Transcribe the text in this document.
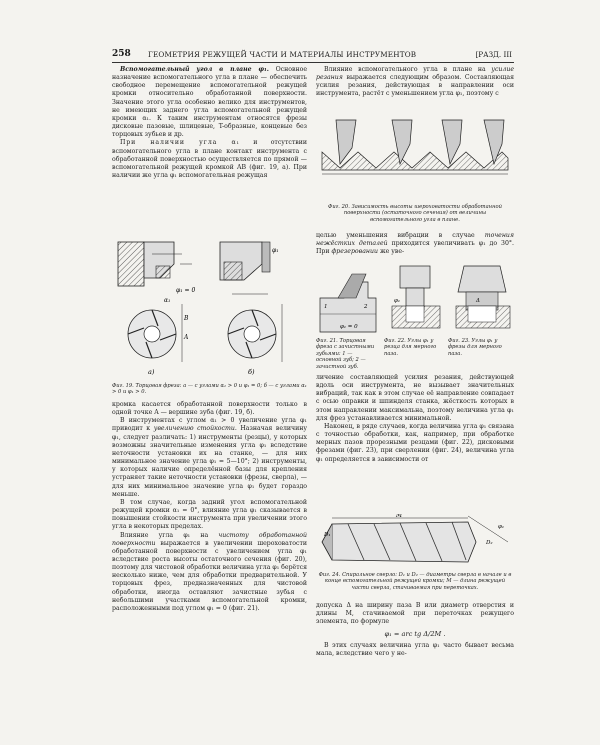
258 ГЕОМЕТРИЯ РЕЖУЩЕЙ ЧАСТИ И МАТЕРИАЛЫ ИНСТРУМЕНТОВ	[РАЗД. III

Вспомогательный угол в плане φ₁. Основное назначение вспомогательного угла в плане — обеспечить свободное перемещение вспомогательной режущей кромки относительно обработанной поверхности. Значение этого угла особенно велико для инструментов, не имеющих заднего угла вспомогательной режущей кромки α₁. К таким инструментам относятся фрезы дисковые пазовые, шлицевые, T-образные, концевые без торцовых зубьев и др.

При наличии угла α₁ и отсутствии вспомогательного угла в плане контакт инструмента с обработанной поверхностью осуществляется по прямой — вспомогательной режущей кромкой AB (фиг. 19, а). При наличии же угла φ₁ вспомогательная режущая

φ₁ = 0
α₁
φ₁
A
B
а)	б)
Фиг. 19. Торцовая фреза: а — с углами α₁ > 0 и φ₁ = 0; б — с углами α₁ > 0 и φ₁ > 0.

кромка касается обработанной поверхности только в одной точке A — вершине зуба (фиг. 19, б).

В инструментах с углом α₁ > 0 увеличение угла φ₁ приводит к увеличению стойкости. Назначая величину φ₁, следует различать: 1) инструменты (резцы), у которых возможны значительные изменения угла φ₁ вследствие неточности установки их на станке, — для них минимальное значение угла φ₁ = 5—10°; 2) инструменты, у которых наличие определённой базы для крепления устраняет такие неточности установки (фрезы, сверла), — для них минимальное значение угла φ₁ будет гораздо меньше.

В том случае, когда задний угол вспомогательной режущей кромки α₁ = 0°, влияние угла φ₁ сказывается в повышении стойкости инструмента при увеличении этого угла в некоторых пределах.

Влияние угла φ₁ на чистоту обработанной поверхности выражается в увеличении шероховатости обработанной поверхности с увеличением угла φ₁ вследствие роста высоты остаточного сечения (фиг. 20), поэтому для чистовой обработки величина угла φ₁ берётся несколько ниже, чем для обработки предварительной. У торцовых фрез, предназначенных для чистовой обработки, иногда оставляют зачистные зубья с небольшими участками вспомогательной кромки, расположенными под углом φ₁ = 0 (фиг. 21).

Влияние вспомогательного угла в плане на усилие резания выражается следующим образом. Составляющая усилия резания, действующая в направлении оси инструмента, растёт с уменьшением угла φ₁, поэтому с

Фиг. 20. Зависимость высоты шероховатости обработанной поверхности (остаточного сечения) от величины вспомогательного угла в плане.

целью уменьшения вибрации в случае точения нежёстких деталей приходится увеличивать φ₁ до 30°. При фрезеровании же уве-

1	2
φ₁ = 0
φ₁	Δ
Фиг. 21. Торцовая фреза с зачистными зубьями: 1 — основной зуб; 2 — зачистной зуб.
Фиг. 22. Углы φ₁ у резца для мерного паза.
Фиг. 23. Углы φ₁ у фрезы для мерного паза.

личение составляющей усилия резания, действующей вдоль оси инструмента, не вызывает значительных вибраций, так как в этом случае её направление совпадает с осью оправки и шпинделя станка, жёсткость которых в этом направлении максимальна, поэтому величина угла φ₁ для фрез устанавливается минимальной.

Наконец, в ряде случаев, когда величина угла φ₁ связана с точностью обработки, как, например, при обработке мерных пазов прорезными резцами (фиг. 22), дисковыми фрезами (фиг. 23), при сверлении (фиг. 24), величина угла φ₁ определяется в зависимости от

M
D₁
D₂
φ₁
Фиг. 24. Спиральное сверло: D₁ и D₂ — диаметры сверла в начале и в конце вспомогательной режущей кромки; M — длина режущей части сверла, стачиваемая при переточках.

допуска Δ на ширину паза B или диаметр отверстия и длины M, стачиваемой при переточках режущего элемента, по формуле

φ₁ = arc tg Δ/2M .

В этих случаях величина угла φ₁ часто бывает весьма мала, вследствие чего у не-
